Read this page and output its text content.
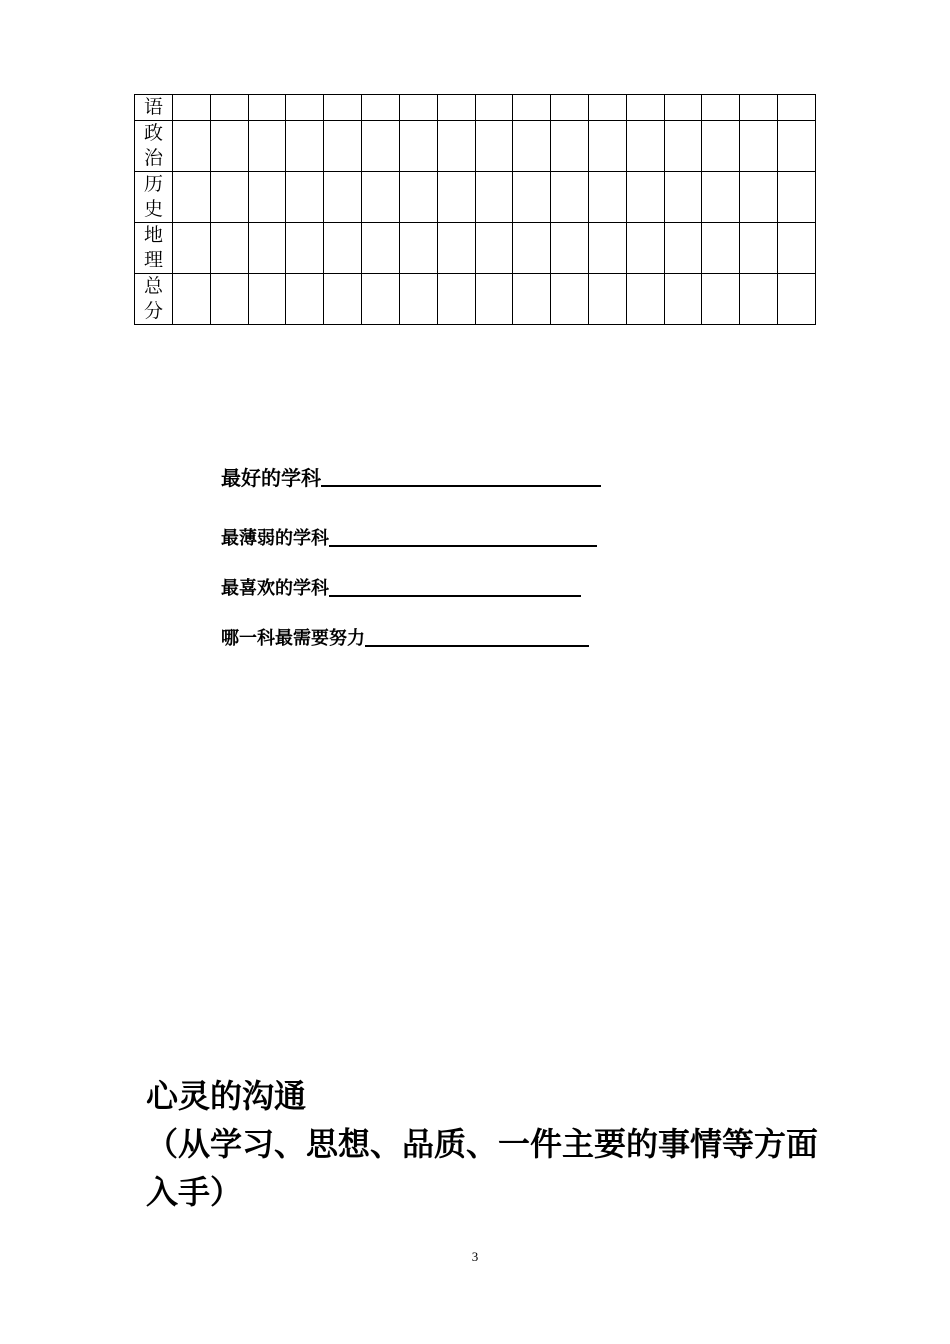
语																	
政治																	
历史																	
地理																	
总分																	
最好的学科
最薄弱的学科
最喜欢的学科
哪一科最需要努力
心灵的沟通
（从学习、思想、品质、一件主要的事情等方面入手）
3
